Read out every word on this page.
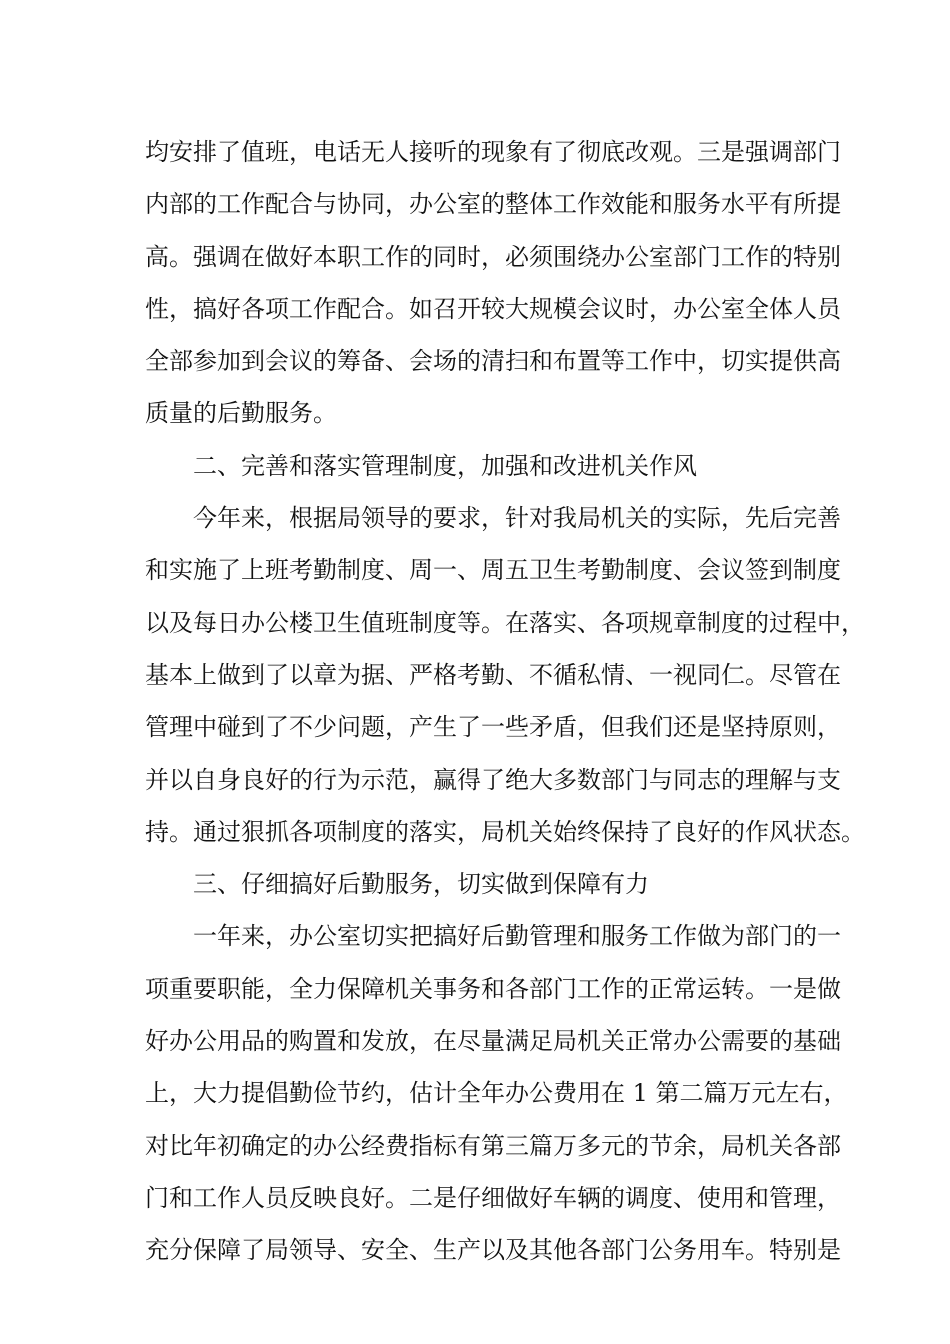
均安排了值班，电话无人接听的现象有了彻底改观。三是强调部门
内部的工作配合与协同，办公室的整体工作效能和服务水平有所提
高。强调在做好本职工作的同时，必须围绕办公室部门工作的特别
性，搞好各项工作配合。如召开较大规模会议时，办公室全体人员
全部参加到会议的筹备、会场的清扫和布置等工作中，切实提供高
质量的后勤服务。
二、完善和落实管理制度，加强和改进机关作风
今年来，根据局领导的要求，针对我局机关的实际，先后完善
和实施了上班考勤制度、周一、周五卫生考勤制度、会议签到制度
以及每日办公楼卫生值班制度等。在落实、各项规章制度的过程中，
基本上做到了以章为据、严格考勤、不循私情、一视同仁。尽管在
管理中碰到了不少问题，产生了一些矛盾，但我们还是坚持原则，
并以自身良好的行为示范，赢得了绝大多数部门与同志的理解与支
持。通过狠抓各项制度的落实，局机关始终保持了良好的作风状态。
三、仔细搞好后勤服务，切实做到保障有力
一年来，办公室切实把搞好后勤管理和服务工作做为部门的一
项重要职能，全力保障机关事务和各部门工作的正常运转。一是做
好办公用品的购置和发放，在尽量满足局机关正常办公需要的基础
上，大力提倡勤俭节约，估计全年办公费用在 1 第二篇万元左右，
对比年初确定的办公经费指标有第三篇万多元的节余，局机关各部
门和工作人员反映良好。二是仔细做好车辆的调度、使用和管理，
充分保障了局领导、安全、生产以及其他各部门公务用车。特别是
